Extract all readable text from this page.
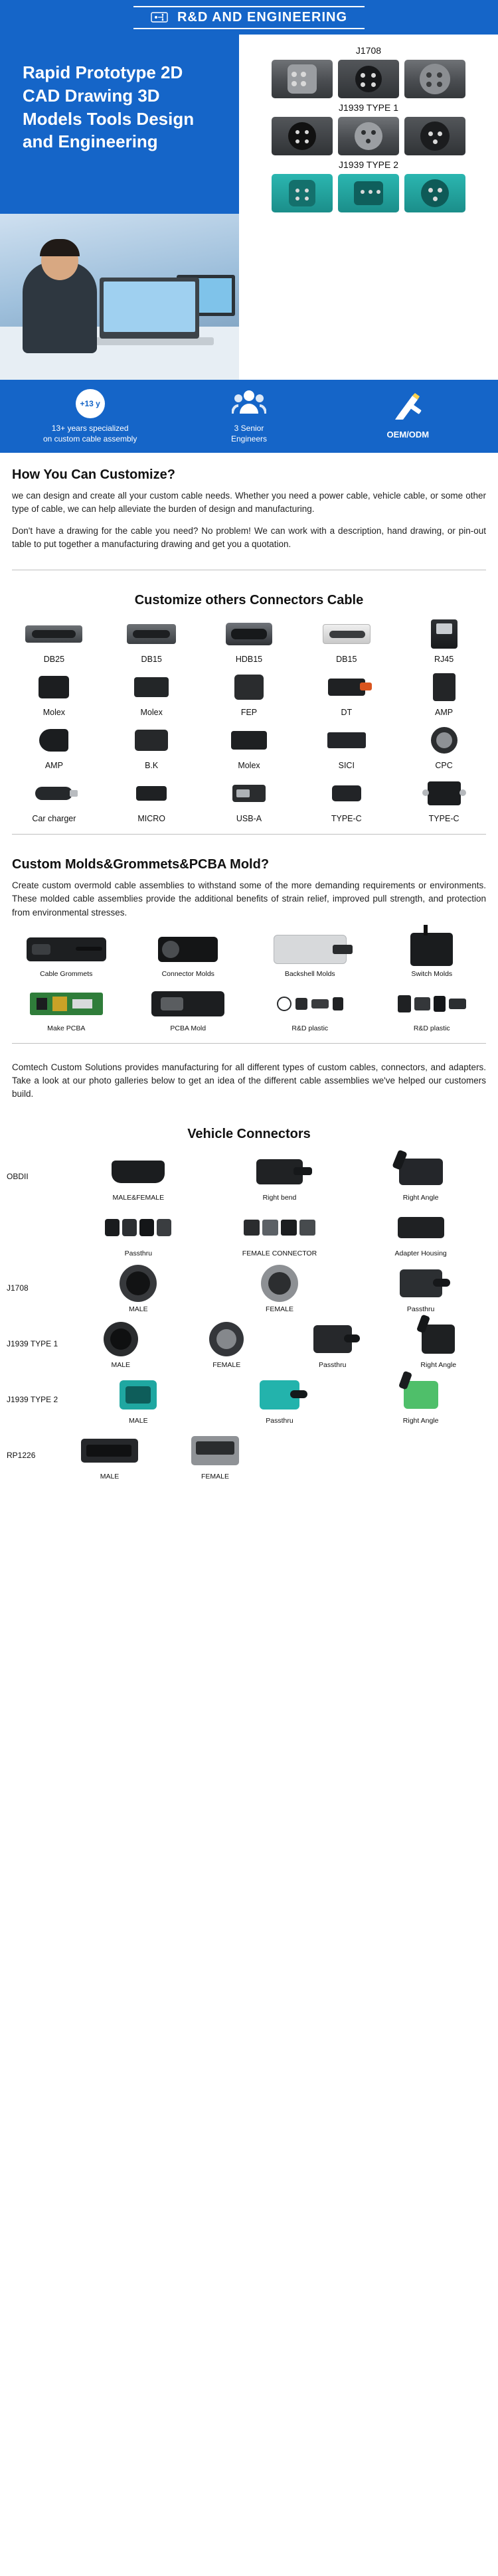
R&D AND ENGINEERING
Rapid Prototype 2D CAD Drawing 3D Models Tools Design and Engineering
J1708
J1939 TYPE 1
J1939 TYPE 2
+13 y
13+ years specialized
on custom cable assembly
3 Senior
Engineers	OEM/ODM
How You Can Customize?

we can design and create all your custom cable needs. Whether you need a power cable, vehicle cable, or some other type of cable, we can help alleviate the burden of design and manufacturing.

Don't have a drawing for the cable you need? No problem! We can work with a description, hand drawing, or pin-out table to put together a manufacturing drawing and get you a quotation.

Customize others Connectors Cable
DB25	DB15	HDB15	DB15	RJ45
Molex	Molex	FEP	DT	AMP
AMP	B.K	Molex	SICI	CPC
Car charger	MICRO	USB-A	TYPE-C	TYPE-C
Custom Molds&Grommets&PCBA Mold?

Create custom overmold cable assemblies to withstand some of the more demanding requirements or environments. These molded cable assemblies provide the additional benefits of strain relief, improved pull strength, and protection from environmental stresses.

Cable Grommets	Connector Molds	Backshell Molds	Switch Molds
Make PCBA	PCBA Mold	R&D plastic	R&D plastic

Comtech Custom Solutions provides manufacturing for all different types of custom cables, connectors, and adapters. Take a look at our photo galleries below to get an idea of the different cable assemblies we've helped our customers build.

Vehicle Connectors
OBDII
MALE&FEMALE	Right bend	Right Angle
Passthru	FEMALE CONNECTOR	Adapter Housing
J1708
MALE	FEMALE	Passthru
J1939 TYPE 1
MALE	FEMALE	Passthru	Right Angle
J1939 TYPE 2
MALE	Passthru	Right Angle
RP1226
MALE	FEMALE
